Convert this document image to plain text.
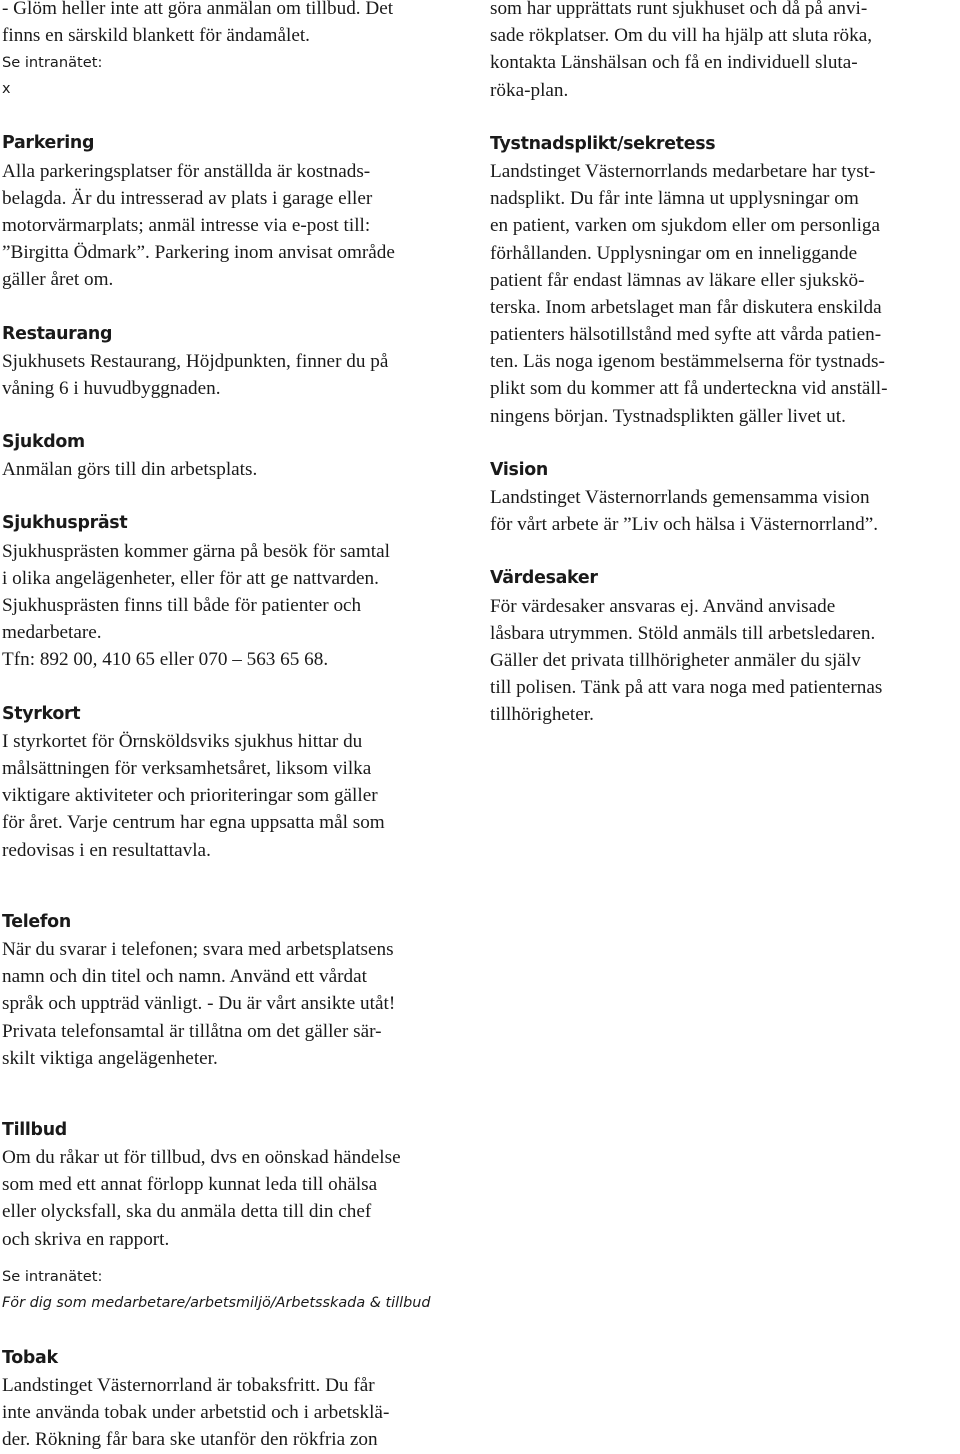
- Glöm heller inte att göra anmälan om tillbud. Det
finns en särskild blankett för ändamålet.

Se intranätet:

x

Parkering
Alla parkeringsplatser för anställda är kostnads-
belagda. Är du intresserad av plats i garage eller
motorvärmarplats; anmäl intresse via e-post till:
”Birgitta Ödmark”. Parkering inom anvisat område
gäller året om.
Restaurang
Sjukhusets Restaurang, Höjdpunkten, finner du på
våning 6 i huvudbyggnaden.
Sjukdom
Anmälan görs till din arbetsplats.
Sjukhuspräst
Sjukhusprästen kommer gärna på besök för samtal
i olika angelägenheter, eller för att ge nattvarden.
Sjukhusprästen finns till både för patienter och
medarbetare.
Tfn: 892 00, 410 65 eller 070 – 563 65 68.
Styrkort
I styrkortet för Örnsköldsviks sjukhus hittar du
målsättningen för verksamhetsåret, liksom vilka
viktigare aktiviteter och prioriteringar som gäller
för året. Varje centrum har egna uppsatta mål som
redovisas i en resultattavla.
Telefon
När du svarar i telefonen; svara med arbetsplatsens
namn och din titel och namn. Använd ett vårdat
språk och uppträd vänligt. - Du är vårt ansikte utåt!
Privata telefonsamtal är tillåtna om det gäller sär-
skilt viktiga angelägenheter.
Tillbud
Om du råkar ut för tillbud, dvs en oönskad händelse
som med ett annat förlopp kunnat leda till ohälsa
eller olycksfall, ska du anmäla detta till din chef
och skriva en rapport.

Se intranätet:

För dig som medarbetare/arbetsmiljö/Arbetsskada & tillbud

Tobak
Landstinget Västernorrland är tobaksfritt. Du får
inte använda tobak under arbetstid och i arbetsklä-
der. Rökning får bara ske utanför den rökfria zon
som har upprättats runt sjukhuset och då på anvi-
sade rökplatser. Om du vill ha hjälp att sluta röka,
kontakta Länshälsan och få en individuell sluta-
röka-plan.
Tystnadsplikt/sekretess
Landstinget Västernorrlands medarbetare har tyst-
nadsplikt. Du får inte lämna ut upplysningar om
en patient, varken om sjukdom eller om personliga
förhållanden. Upplysningar om en inneliggande
patient får endast lämnas av läkare eller sjukskö-
terska. Inom arbetslaget man får diskutera enskilda
patienters hälsotillstånd med syfte att vårda patien-
ten. Läs noga igenom bestämmelserna för tystnads-
plikt som du kommer att få underteckna vid anställ-
ningens början. Tystnadsplikten gäller livet ut.
Vision
Landstinget Västernorrlands gemensamma vision
för vårt arbete är ”Liv och hälsa i Västernorrland”.
Värdesaker
För värdesaker ansvaras ej. Använd anvisade
låsbara utrymmen. Stöld anmäls till arbetsledaren.
Gäller det privata tillhörigheter anmäler du själv
till polisen. Tänk på att vara noga med patienternas
tillhörigheter.
